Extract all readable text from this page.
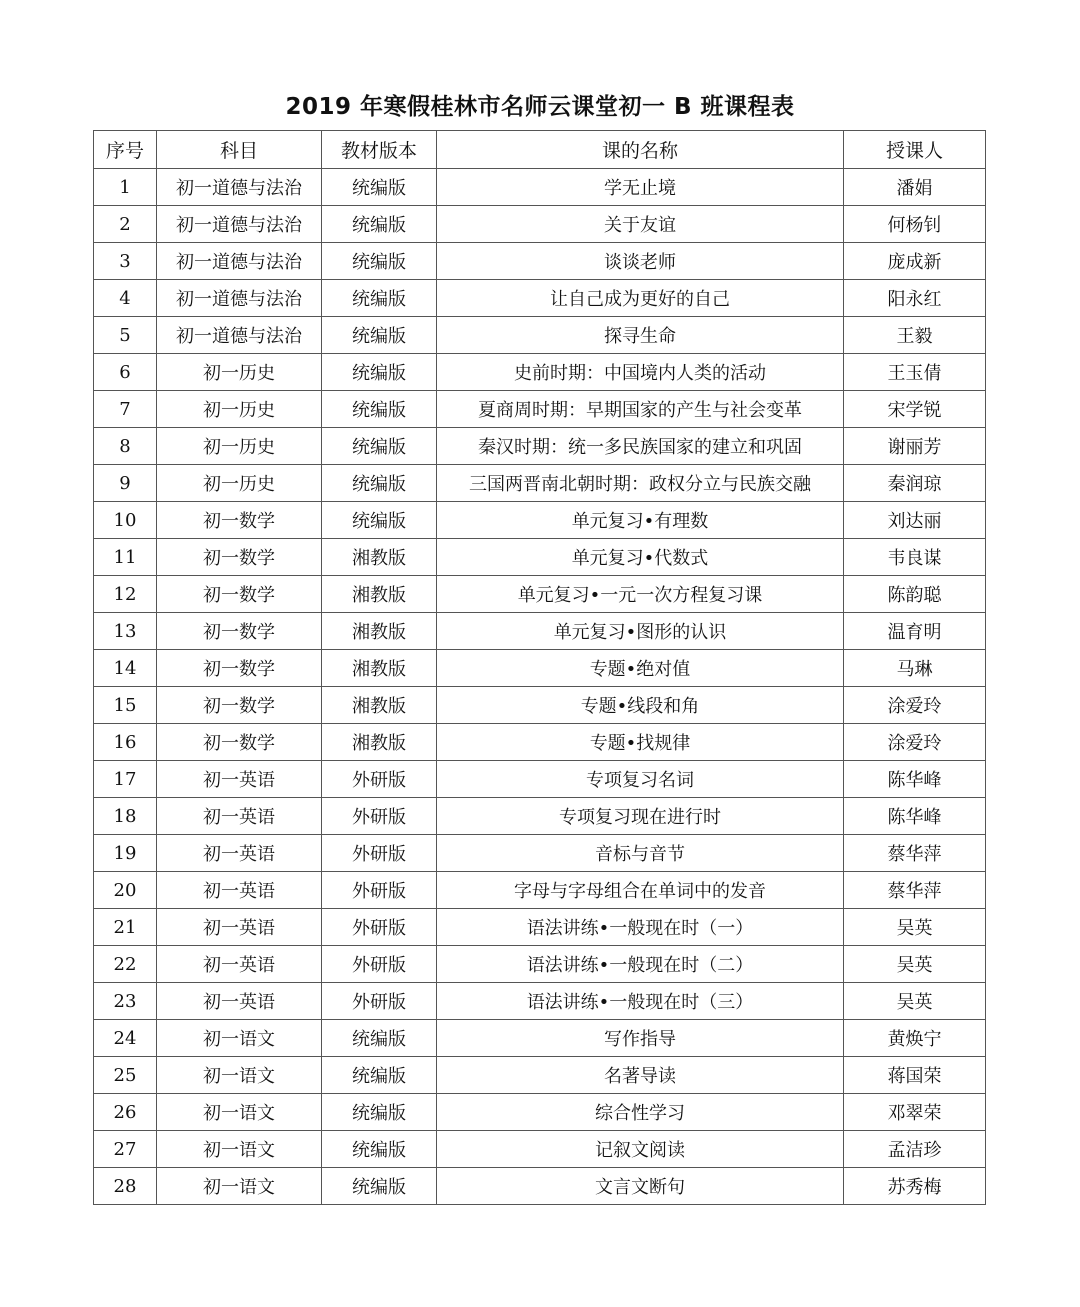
2019 年寒假桂林市名师云课堂初一 B 班课程表
序号	科目	教材版本	课的名称	授课人
1	初一道德与法治	统编版	学无止境	潘娟
2	初一道德与法治	统编版	关于友谊	何杨钊
3	初一道德与法治	统编版	谈谈老师	庞成新
4	初一道德与法治	统编版	让自己成为更好的自己	阳永红
5	初一道德与法治	统编版	探寻生命	王毅
6	初一历史	统编版	史前时期：中国境内人类的活动	王玉倩
7	初一历史	统编版	夏商周时期：早期国家的产生与社会变革	宋学锐
8	初一历史	统编版	秦汉时期：统一多民族国家的建立和巩固	谢丽芳
9	初一历史	统编版	三国两晋南北朝时期：政权分立与民族交融	秦润琼
10	初一数学	统编版	单元复习•有理数	刘达丽
11	初一数学	湘教版	单元复习•代数式	韦良谋
12	初一数学	湘教版	单元复习•一元一次方程复习课	陈韵聪
13	初一数学	湘教版	单元复习•图形的认识	温育明
14	初一数学	湘教版	专题•绝对值	马琳
15	初一数学	湘教版	专题•线段和角	涂爱玲
16	初一数学	湘教版	专题•找规律	涂爱玲
17	初一英语	外研版	专项复习名词	陈华峰
18	初一英语	外研版	专项复习现在进行时	陈华峰
19	初一英语	外研版	音标与音节	蔡华萍
20	初一英语	外研版	字母与字母组合在单词中的发音	蔡华萍
21	初一英语	外研版	语法讲练•一般现在时（一）	吴英
22	初一英语	外研版	语法讲练•一般现在时（二）	吴英
23	初一英语	外研版	语法讲练•一般现在时（三）	吴英
24	初一语文	统编版	写作指导	黄焕宁
25	初一语文	统编版	名著导读	蒋国荣
26	初一语文	统编版	综合性学习	邓翠荣
27	初一语文	统编版	记叙文阅读	孟洁珍
28	初一语文	统编版	文言文断句	苏秀梅
